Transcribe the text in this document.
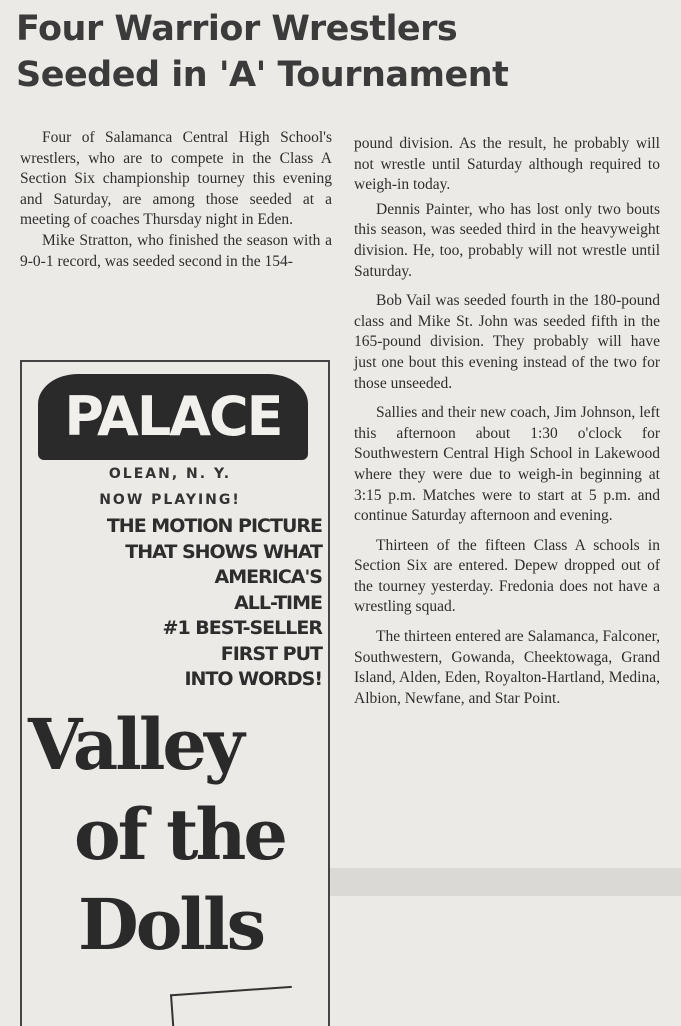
Four Warrior Wrestlers
Seeded in 'A' Tournament

Four of Salamanca Central High School's wrestlers, who are to compete in the Class A Section Six championship tourney this evening and Saturday, are among those seeded at a meeting of coaches Thursday night in Eden.

Mike Stratton, who finished the season with a 9-0-1 record, was seeded second in the 154-

pound division. As the result, he probably will not wrestle until Saturday although required to weigh-in today.

Dennis Painter, who has lost only two bouts this season, was seeded third in the heavyweight division. He, too, probably will not wrestle until Saturday.

Bob Vail was seeded fourth in the 180-pound class and Mike St. John was seeded fifth in the 165-pound division. They probably will have just one bout this evening instead of the two for those unseeded.

Sallies and their new coach, Jim Johnson, left this afternoon about 1:30 o'clock for Southwestern Central High School in Lakewood where they were due to weigh-in beginning at 3:15 p.m. Matches were to start at 5 p.m. and continue Saturday afternoon and evening.

Thirteen of the fifteen Class A schools in Section Six are entered. Depew dropped out of the tourney yesterday. Fredonia does not have a wrestling squad.

The thirteen entered are Salamanca, Falconer, Southwestern, Gowanda, Cheektowaga, Grand Island, Alden, Eden, Royalton-Hartland, Medina, Albion, Newfane, and Star Point.

PALACE
OLEAN, N. Y.
NOW PLAYING!
THE MOTION PICTURE
THAT SHOWS WHAT
AMERICA'S
ALL-TIME
#1 BEST-SELLER
FIRST PUT
INTO WORDS!
Valley
of the
Dolls
